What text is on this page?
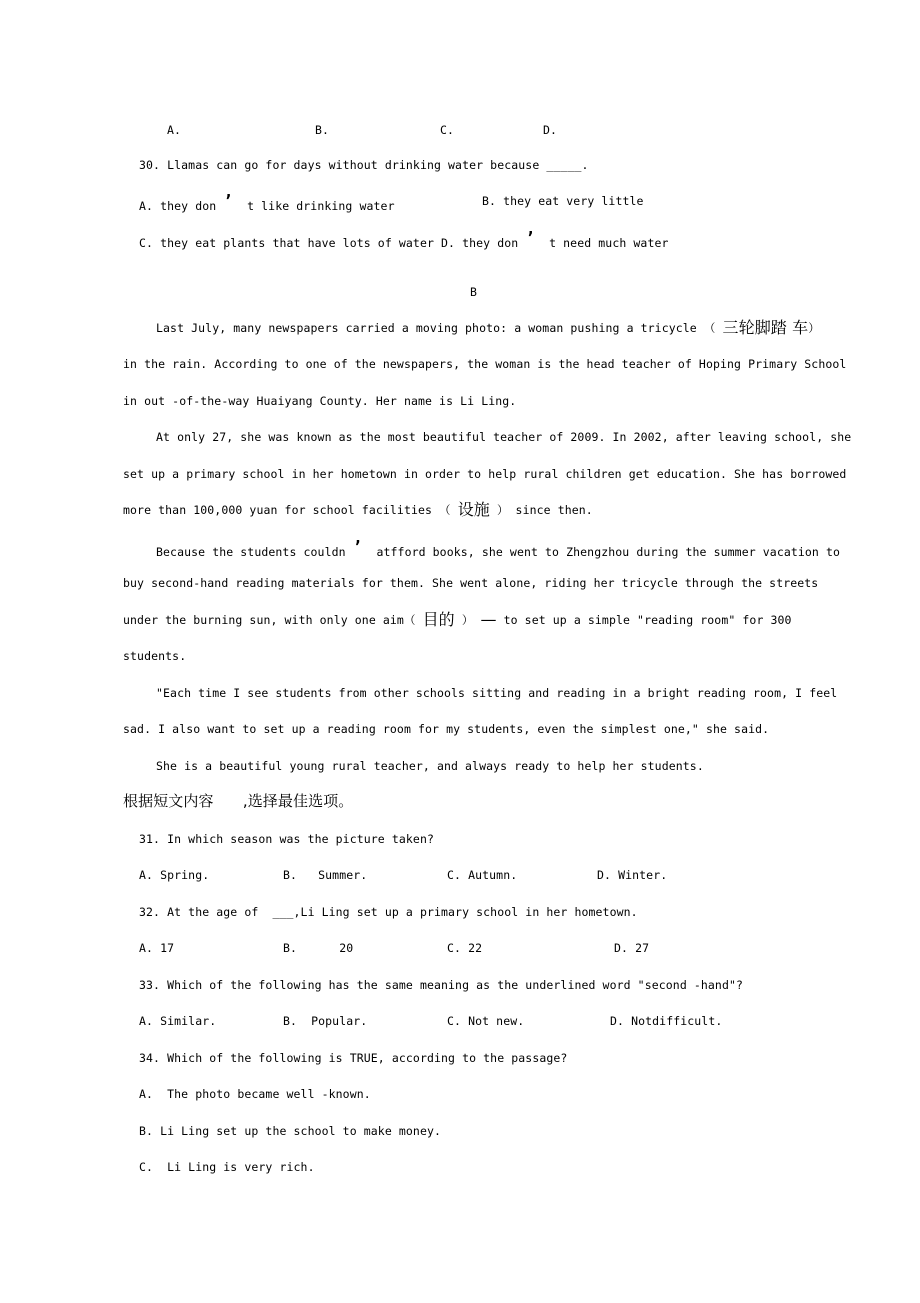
A.	B.	C.	D.
30. Llamas can go for days without drinking water because _____.
A. they don ’ t like drinking water	B. they eat very little
C. they eat plants that have lots of water D. they don ’ t need much water
B
Last July, many newspapers carried a moving photo: a woman pushing a tricycle （ 三轮脚踏 车）
in the rain. According to one of the newspapers, the woman is the head teacher of Hoping Primary School
in out -of-the-way Huaiyang County. Her name is Li Ling.
At only 27, she was known as the most beautiful teacher of 2009. In 2002, after leaving school, she
set up a primary school in her hometown in order to help rural children get education. She has borrowed
more than 100,000 yuan for school facilities （ 设施 ） since then.
Because the students couldn ’ atfford books, she went to Zhengzhou during the summer vacation to
buy second-hand reading materials for them. She went alone, riding her tricycle through the streets
under the burning sun, with only one aim（ 目的 ） — to set up a simple "reading room" for 300
students.
"Each time I see students from other schools sitting and reading in a bright reading room, I feel
sad. I also want to set up a reading room for my students, even the simplest one," she said.
She is a beautiful young rural teacher, and always ready to help her students.
根据短文内容 ,选择最佳选项。
31. In which season was the picture taken?
A. Spring.	B.   Summer.	C. Autumn.	D. Winter.
32. At the age of  ___,Li Ling set up a primary school in her hometown.
A. 17	B.      20	C. 22	D. 27
33. Which of the following has the same meaning as the underlined word "second -hand"?
A. Similar.	B.  Popular.	C. Not new.	D. Notdifficult.
34. Which of the following is TRUE, according to the passage?
A.  The photo became well -known.
B. Li Ling set up the school to make money.
C.  Li Ling is very rich.
